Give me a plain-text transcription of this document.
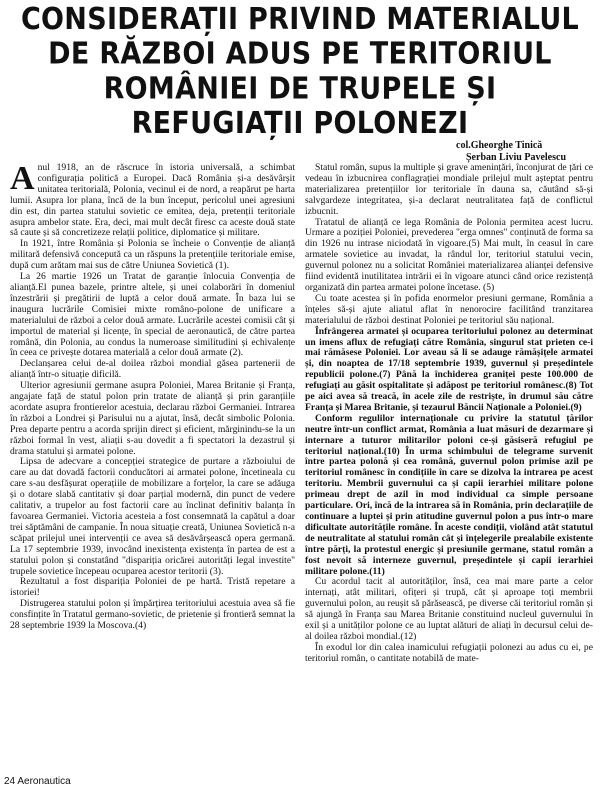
CONSIDERAȚII PRIVIND MATERIALUL
DE RĂZBOI ADUS PE TERITORIUL
ROMÂNIEI DE TRUPELE ȘI
REFUGIAȚII POLONEZI
col.Gheorghe Tinică
Șerban Liviu Pavelescu

Anul 1918, an de răscruce în istoria universală, a schimbat configurația politică a Europei. Dacă România și-a desăvârșit unitatea teritorială, Polonia, vecinul ei de nord, a reapărut pe harta lumii. Asupra lor plana, încă de la bun început, pericolul unei agresiuni din est, din partea statului sovietic ce emitea, deja, pretenții teritoriale asupra ambelor state. Era, deci, mai mult decât firesc ca aceste două state să caute și să concretizeze relații politice, diplomatice și militare.

In 1921, între România și Polonia se încheie o Convenție de alianță militară defensivă concepută ca un răspuns la pretențiile teritoriale emise, după cum arătam mai sus de către Uniunea Sovietică (1).

La 26 martie 1926 un Tratat de garanție înlocuia Convenția de alianță.El punea bazele, printre altele, și unei colaborări în domeniul înzestrării și pregătirii de luptă a celor două armate. În baza lui se inaugura lucrările Comisiei mixte româno-polone de unificare a materialului de război a celor două armate. Lucrările acestei comisii cât și importul de material și licențe, în special de aeronautică, de către partea română, din Polonia, au condus la numeroase similitudini și echivalențe în ceea ce privește dotarea materială a celor două armate (2).

Declanșarea celui de-al doilea război mondial găsea partenerii de alianță într-o situație dificilă.

Ulterior agresiunii germane asupra Poloniei, Marea Britanie și Franța, angajate față de statul polon prin tratate de alianță și prin garanțiile acordate asupra frontierelor acestuia, declarau război Germaniei. Intrarea în război a Londrei și Parisului nu a ajutat, însă, decât simbolic Polonia. Prea departe pentru a acorda sprijin direct și eficient, mărginindu-se la un război formal în vest, aliații s-au dovedit a fi spectatori la dezastrul și drama statului și armatei polone.

Lipsa de adecvare a concepției strategice de purtare a războiului de care au dat dovadă factorii conducători ai armatei polone, încetineala cu care s-au desfășurat operațiile de mobilizare a forțelor, la care se adăuga și o dotare slabă cantitativ și doar parțial modernă, din punct de vedere calitativ, a trupelor au fost factorii care au înclinat definitiv balanța în favoarea Germaniei. Victoria acesteia a fost consemnată la capătul a doar trei săptămâni de campanie. În noua situație creată, Uniunea Sovietică n-a scăpat prilejul unei intervenții ce avea să desăvârșească opera germană. La 17 septembrie 1939, invocând inexistența existența în partea de est a statului polon și constatând "dispariția oricărei autorități legal investite" trupele sovietice începeau ocuparea acestor teritorii (3).

Rezultatul a fost dispariția Poloniei de pe hartă. Tristă repetare a istoriei!

Distrugerea statului polon și împărțirea teritoriului acestuia avea să fie consfințite în Tratatul germano-sovietic, de prietenie și frontieră semnat la 28 septembrie 1939 la Moscova.(4)

Statul român, supus la multiple și grave amenințări, înconjurat de țări ce vedeau în izbucnirea conflagrației mondiale prilejul mult așteptat pentru materializarea pretențiilor lor teritoriale în dauna sa, căutând să-și salvgardeze integritatea, și-a declarat neutralitatea față de conflictul izbucnit.

Tratatul de alianță ce lega România de Polonia permitea acest lucru. Urmare a poziției Poloniei, prevederea "erga omnes" conținută de forma sa din 1926 nu intrase niciodată în vigoare.(5) Mai mult, în ceasul în care armatele sovietice au invadat, la rândul lor, teritoriul statului vecin, guvernul polonez nu a solicitat României materializarea alianței defensive fiind evidentă inutilitatea intrării ei în vigoare atunci când orice rezistență organizată din partea armatei polone încetase. (5)

Cu toate acestea și în pofida enormelor presiuni germane, România a înțeles să-și ajute aliatul aflat în nenorocire facilitând tranzitarea materialului de război destinat Poloniei pe teritoriul său național.

Înfrângerea armatei și ocuparea teritoriului polonez au determinat un imens aflux de refugiați către România, singurul stat prieten ce-i mai rămăsese Poloniei. Lor aveau să li se adauge rămășițele armatei și, din noaptea de 17/18 septembrie 1939, guvernul și președintele republicii polone.(7) Până la închiderea graniței peste 100.000 de refugiați au găsit ospitalitate și adăpost pe teritoriul românesc.(8) Tot pe aici avea să treacă, în acele zile de restriște, în drumul său către Franța și Marea Britanie, și tezaurul Băncii Naționale a Poloniei.(9)

Conform regulilor internaționale cu privire la statutul țărilor neutre într-un conflict armat, România a luat măsuri de dezarmare și internare a tuturor militarilor poloni ce-și găsiseră refugiul pe teritoriul național.(10) În urma schimbului de telegrame survenit între partea polonă și cea română, guvernul polon primise azil pe teritoriul românesc în condițiile în care se dizolva la intrarea pe acest teritoriu. Membrii guvernului ca și capii ierarhiei militare polone primeau drept de azil în mod individual ca simple persoane particulare. Ori, încă de la intrarea să în România, prin declarațiile de continuare a luptei și prin atitudine guvernul polon a pus într-o mare dificultate autoritățile române. În aceste condiții, violând atât statutul de neutralitate al statului român cât și înțelegerile prealabile existente între părți, la protestul energic și presiunile germane, statul român a fost nevoit să interneze guvernul, președintele și capii ierarhiei militare polone.(11)

Cu acordul tacit al autorităților, însă, cea mai mare parte a celor internați, atât militari, ofițeri și trupă, cât și aproape toți membrii guvernului polon, au reușit să părăsească, pe diverse căi teritoriul român și să ajungă în Franța sau Marea Britanie constituind nucleul guvernului în exil și a unităților polone ce au luptat alături de aliați în decursul celui de-al doilea război mondial.(12)

În exodul lor din calea inamicului refugiații polonezi au adus cu ei, pe teritoriul român, o cantitate notabilă de mate-

24 Aeronautica
